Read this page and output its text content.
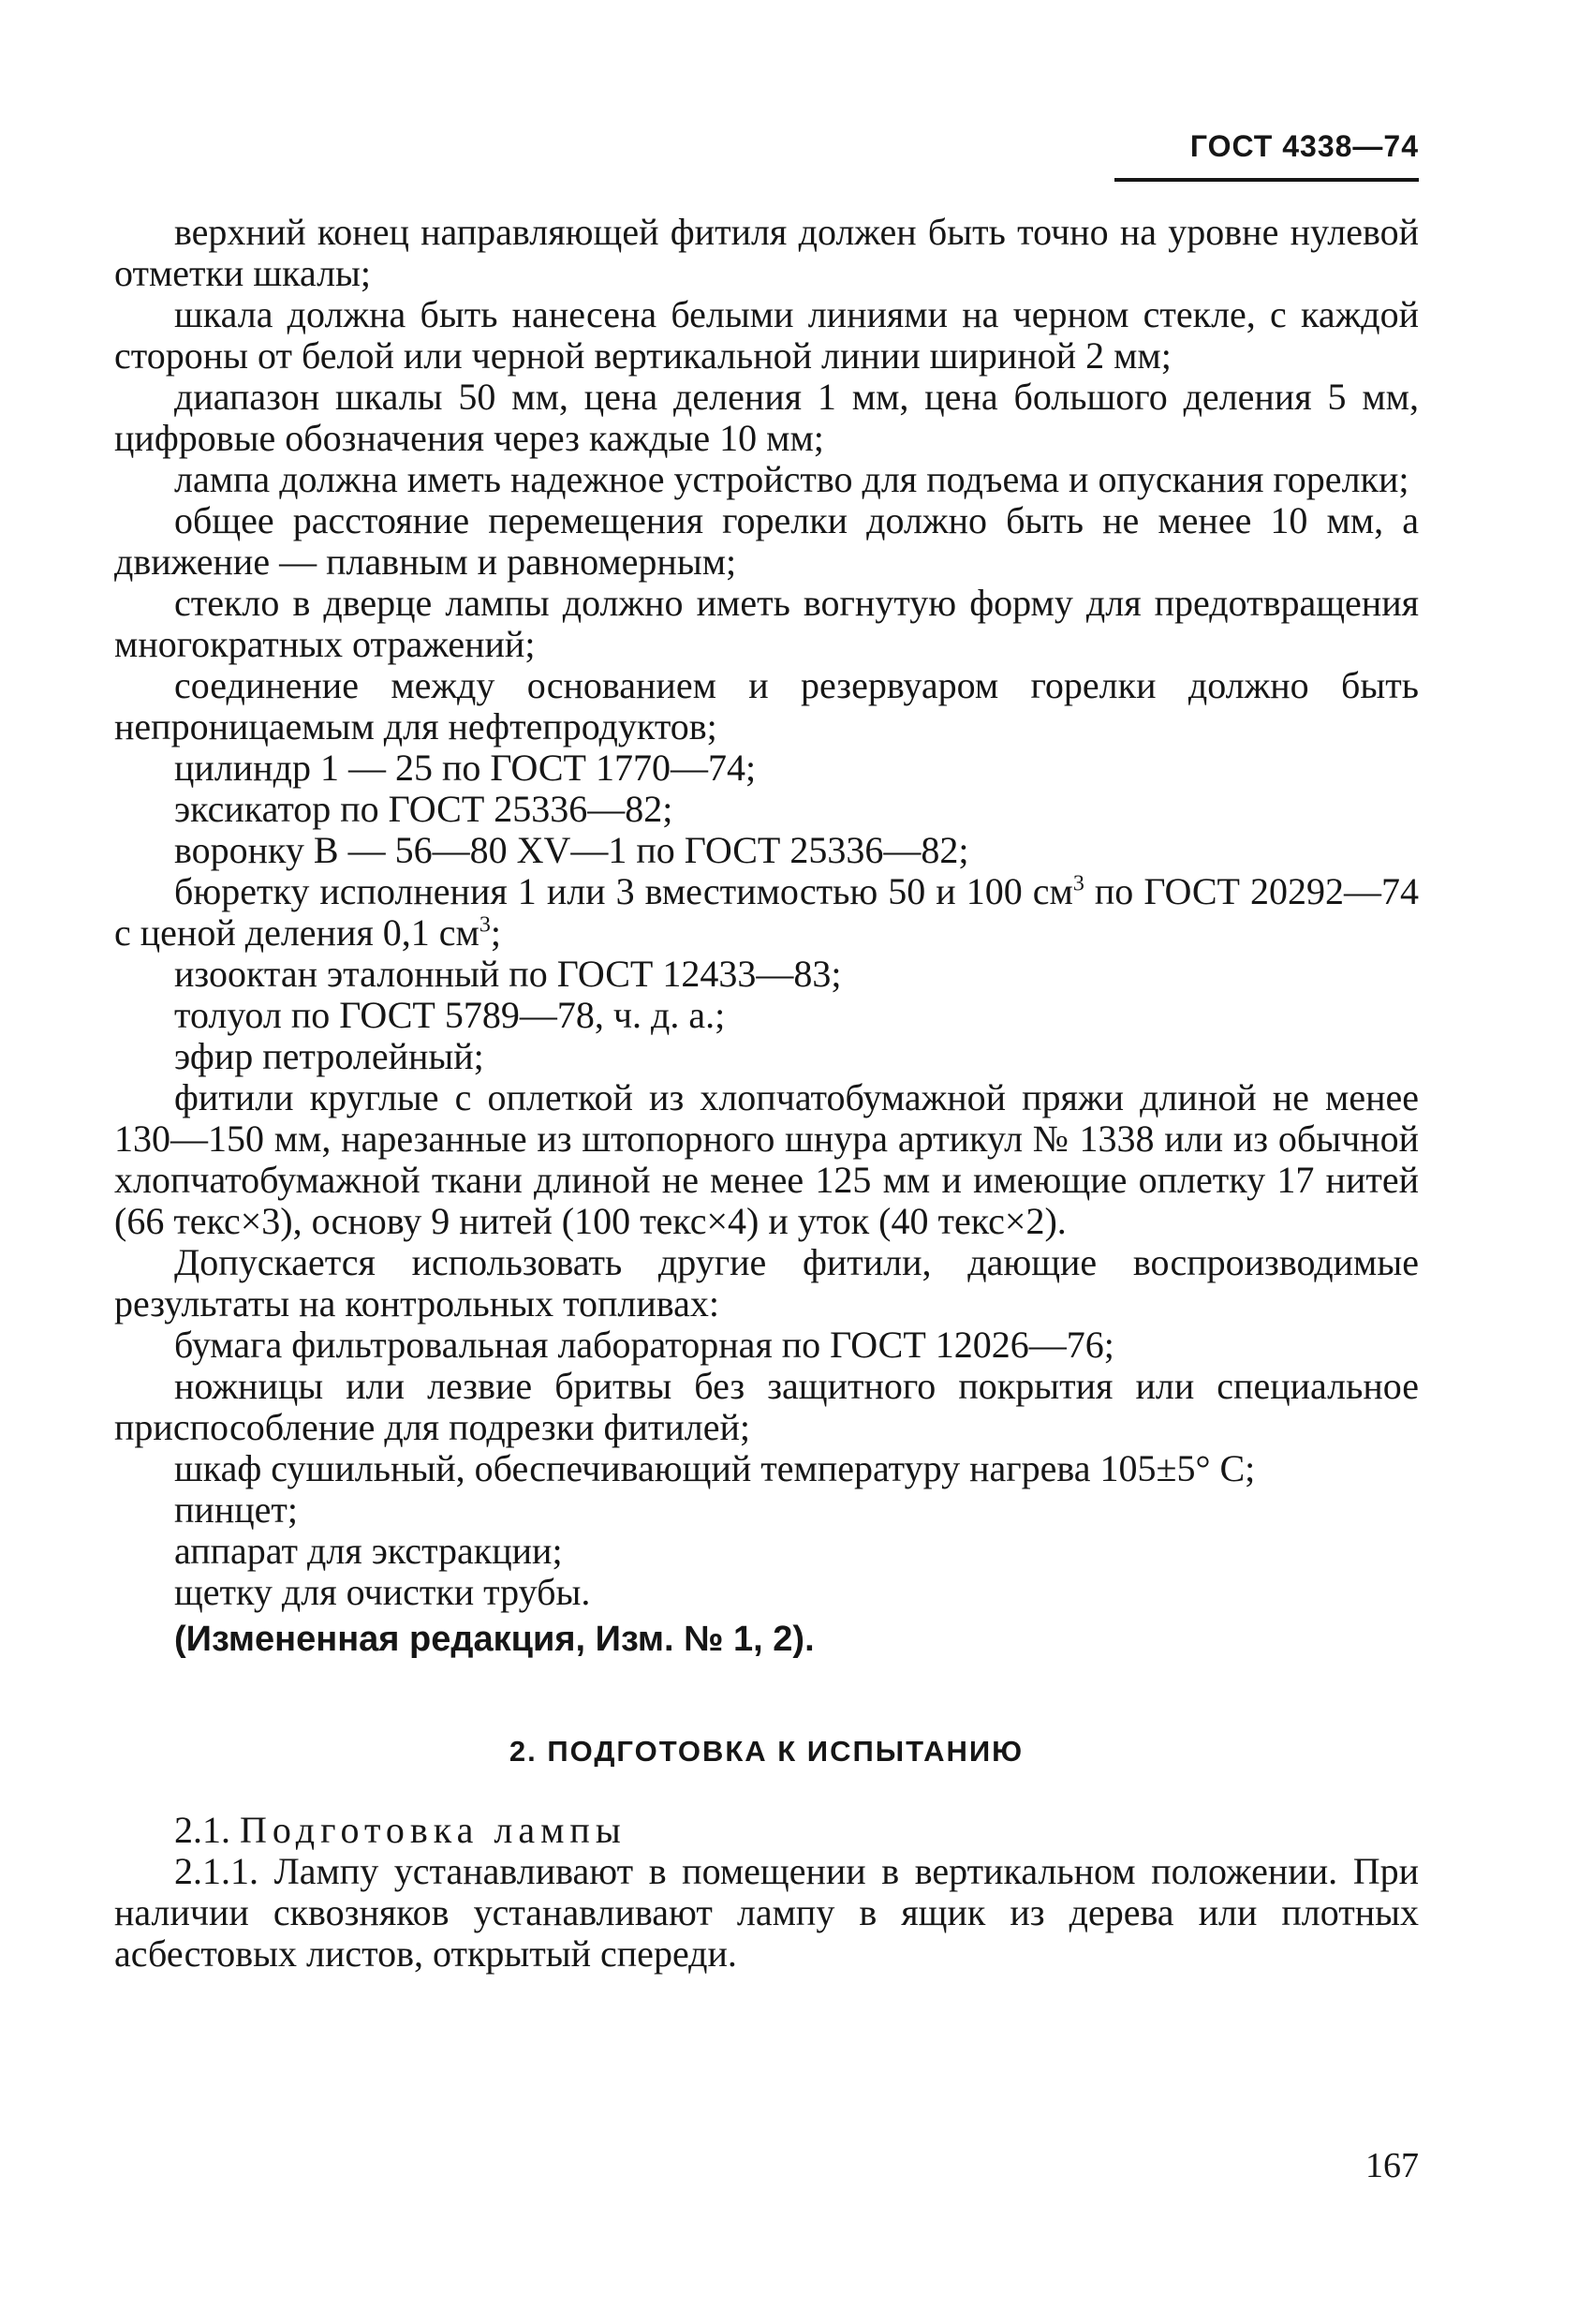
ГОСТ 4338—74

верхний конец направляющей фитиля должен быть точно на уровне нулевой отметки шкалы;

шкала должна быть нанесена белыми линиями на черном стекле, с каждой стороны от белой или черной вертикальной линии шириной 2 мм;

диапазон шкалы 50 мм, цена деления 1 мм, цена большого деления 5 мм, цифровые обозначения через каждые 10 мм;

лампа должна иметь надежное устройство для подъема и опускания горелки;

общее расстояние перемещения горелки должно быть не менее 10 мм, а движение — плавным и равномерным;

стекло в дверце лампы должно иметь вогнутую форму для предотвращения многократных отражений;

соединение между основанием и резервуаром горелки должно быть непроницаемым для нефтепродуктов;

цилиндр 1 — 25 по ГОСТ 1770—74;

эксикатор по ГОСТ 25336—82;

воронку В — 56—80 XV—1 по ГОСТ 25336—82;

бюретку исполнения 1 или 3 вместимостью 50 и 100 $см^3$ по ГОСТ 20292—74 с ценой деления 0,1 $см^3$;

изооктан эталонный по ГОСТ 12433—83;

толуол по ГОСТ 5789—78, ч. д. а.;

эфир петролейный;

фитили круглые с оплеткой из хлопчатобумажной пряжи длиной не менее 130—150 мм, нарезанные из штопорного шнура артикул № 1338 или из обычной хлопчатобумажной ткани длиной не менее 125 мм и имеющие оплетку 17 нитей (66 текс×3), основу 9 нитей (100 текс×4) и уток (40 текс×2).

Допускается использовать другие фитили, дающие воспроизводимые результаты на контрольных топливах:

бумага фильтровальная лабораторная по ГОСТ 12026—76;

ножницы или лезвие бритвы без защитного покрытия или специальное приспособление для подрезки фитилей;

шкаф сушильный, обеспечивающий температуру нагрева 105±5° С;

пинцет;

аппарат для экстракции;

щетку для очистки трубы.

(Измененная редакция, Изм. № 1, 2).
2. ПОДГОТОВКА К ИСПЫТАНИЮ
2.1. Подготовка лампы

2.1.1. Лампу устанавливают в помещении в вертикальном положении. При наличии сквозняков устанавливают лампу в ящик из дерева или плотных асбестовых листов, открытый спереди.

167
